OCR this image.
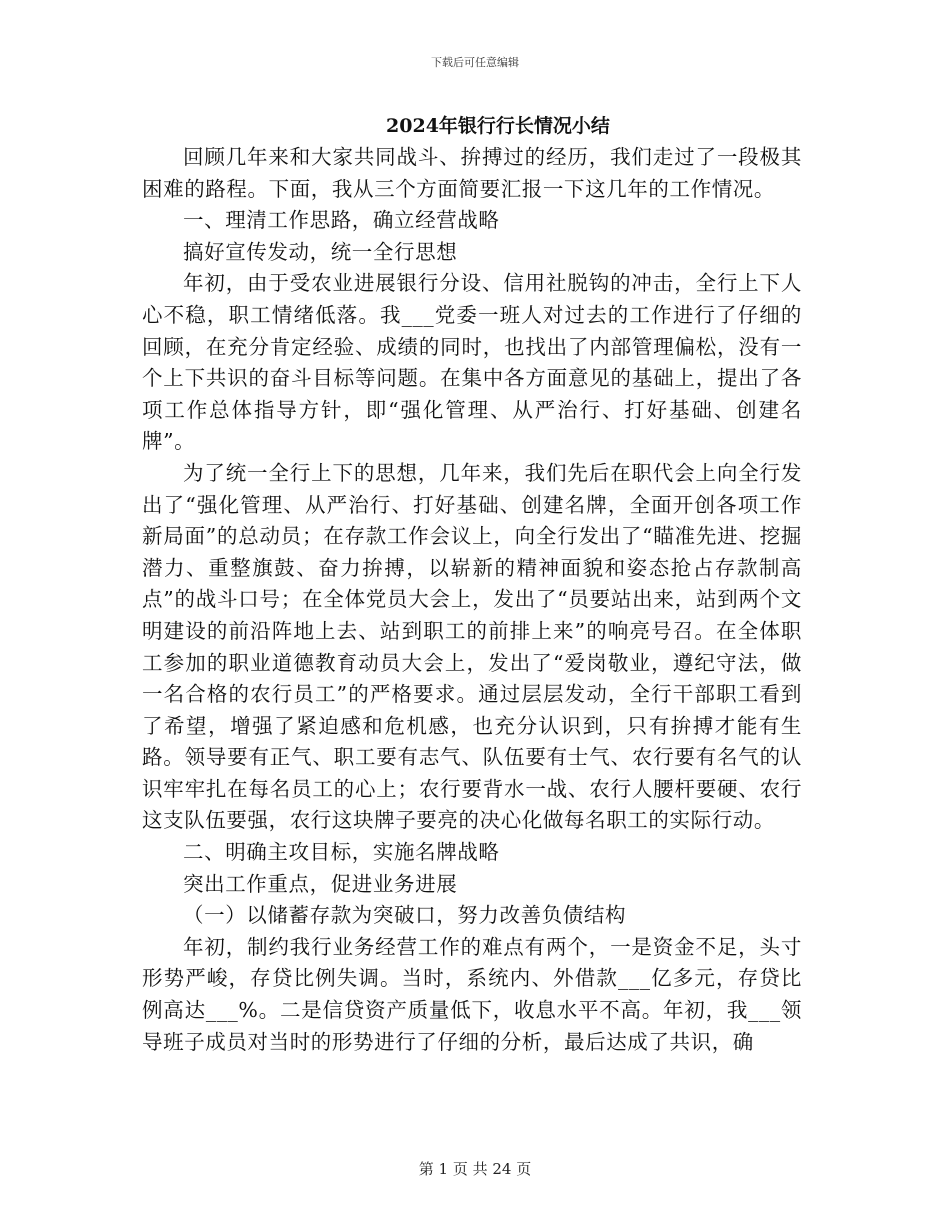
下载后可任意编辑
2024年银行行长情况小结

回顾几年来和大家共同战斗、拚搏过的经历，我们走过了一段极其困难的路程。下面，我从三个方面简要汇报一下这几年的工作情况。

一、理清工作思路，确立经营战略

搞好宣传发动，统一全行思想

年初，由于受农业进展银行分设、信用社脱钩的冲击，全行上下人心不稳，职工情绪低落。我___党委一班人对过去的工作进行了仔细的回顾，在充分肯定经验、成绩的同时，也找出了内部管理偏松，没有一个上下共识的奋斗目标等问题。在集中各方面意见的基础上，提出了各项工作总体指导方针，即“强化管理、从严治行、打好基础、创建名牌”。

为了统一全行上下的思想，几年来，我们先后在职代会上向全行发出了“强化管理、从严治行、打好基础、创建名牌，全面开创各项工作新局面”的总动员；在存款工作会议上，向全行发出了“瞄准先进、挖掘潜力、重整旗鼓、奋力拚搏，以崭新的精神面貌和姿态抢占存款制高点”的战斗口号；在全体党员大会上，发出了“员要站出来，站到两个文明建设的前沿阵地上去、站到职工的前排上来”的响亮号召。在全体职工参加的职业道德教育动员大会上，发出了“爱岗敬业，遵纪守法，做一名合格的农行员工”的严格要求。通过层层发动，全行干部职工看到了希望，增强了紧迫感和危机感，也充分认识到，只有拚搏才能有生路。领导要有正气、职工要有志气、队伍要有士气、农行要有名气的认识牢牢扎在每名员工的心上；农行要背水一战、农行人腰杆要硬、农行这支队伍要强，农行这块牌子要亮的决心化做每名职工的实际行动。

二、明确主攻目标，实施名牌战略

突出工作重点，促进业务进展

（一）以储蓄存款为突破口，努力改善负债结构

年初，制约我行业务经营工作的难点有两个，一是资金不足，头寸形势严峻，存贷比例失调。当时，系统内、外借款___亿多元，存贷比例高达___%。二是信贷资产质量低下，收息水平不高。年初，我___领导班子成员对当时的形势进行了仔细的分析，最后达成了共识，确

第 1 页 共 24 页
